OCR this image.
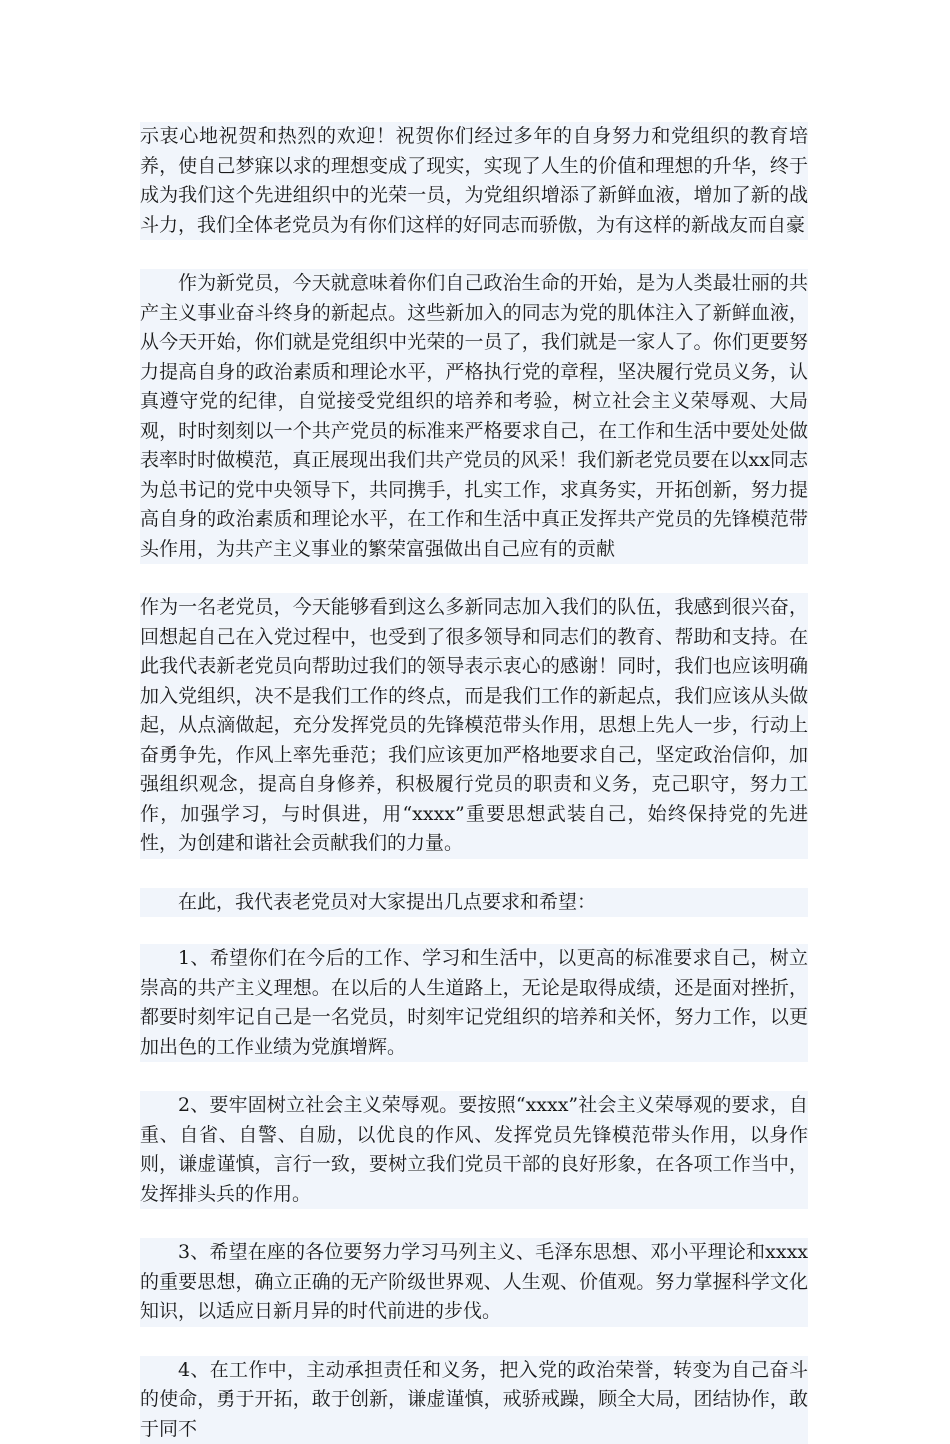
示衷心地祝贺和热烈的欢迎！祝贺你们经过多年的自身努力和党组织的教育培养，使自己梦寐以求的理想变成了现实，实现了人生的价值和理想的升华，终于成为我们这个先进组织中的光荣一员，为党组织增添了新鲜血液，增加了新的战斗力，我们全体老党员为有你们这样的好同志而骄傲，为有这样的新战友而自豪

作为新党员，今天就意味着你们自己政治生命的开始，是为人类最壮丽的共产主义事业奋斗终身的新起点。这些新加入的同志为党的肌体注入了新鲜血液，从今天开始，你们就是党组织中光荣的一员了，我们就是一家人了。你们更要努力提高自身的政治素质和理论水平，严格执行党的章程，坚决履行党员义务，认真遵守党的纪律，自觉接受党组织的培养和考验，树立社会主义荣辱观、大局观，时时刻刻以一个共产党员的标准来严格要求自己，在工作和生活中要处处做表率时时做模范，真正展现出我们共产党员的风采！我们新老党员要在以xx同志为总书记的党中央领导下，共同携手，扎实工作，求真务实，开拓创新，努力提高自身的政治素质和理论水平，在工作和生活中真正发挥共产党员的先锋模范带头作用，为共产主义事业的繁荣富强做出自己应有的贡献

作为一名老党员，今天能够看到这么多新同志加入我们的队伍，我感到很兴奋，回想起自己在入党过程中，也受到了很多领导和同志们的教育、帮助和支持。在此我代表新老党员向帮助过我们的领导表示衷心的感谢！同时，我们也应该明确加入党组织，决不是我们工作的终点，而是我们工作的新起点，我们应该从头做起，从点滴做起，充分发挥党员的先锋模范带头作用，思想上先人一步，行动上奋勇争先，作风上率先垂范；我们应该更加严格地要求自己，坚定政治信仰，加强组织观念，提高自身修养，积极履行党员的职责和义务，克己职守，努力工作，加强学习，与时俱进，用“xxxx”重要思想武装自己，始终保持党的先进性，为创建和谐社会贡献我们的力量。

在此，我代表老党员对大家提出几点要求和希望：

1、希望你们在今后的工作、学习和生活中，以更高的标准要求自己，树立崇高的共产主义理想。在以后的人生道路上，无论是取得成绩，还是面对挫折，都要时刻牢记自己是一名党员，时刻牢记党组织的培养和关怀，努力工作，以更加出色的工作业绩为党旗增辉。

2、要牢固树立社会主义荣辱观。要按照“xxxx”社会主义荣辱观的要求，自重、自省、自警、自励，以优良的作风、发挥党员先锋模范带头作用，以身作则，谦虚谨慎，言行一致，要树立我们党员干部的良好形象，在各项工作当中，发挥排头兵的作用。

3、希望在座的各位要努力学习马列主义、毛泽东思想、邓小平理论和xxxx的重要思想，确立正确的无产阶级世界观、人生观、价值观。努力掌握科学文化知识，以适应日新月异的时代前进的步伐。

4、在工作中，主动承担责任和义务，把入党的政治荣誉，转变为自己奋斗的使命，勇于开拓，敢于创新，谦虚谨慎，戒骄戒躁，顾全大局，团结协作，敢于同不
